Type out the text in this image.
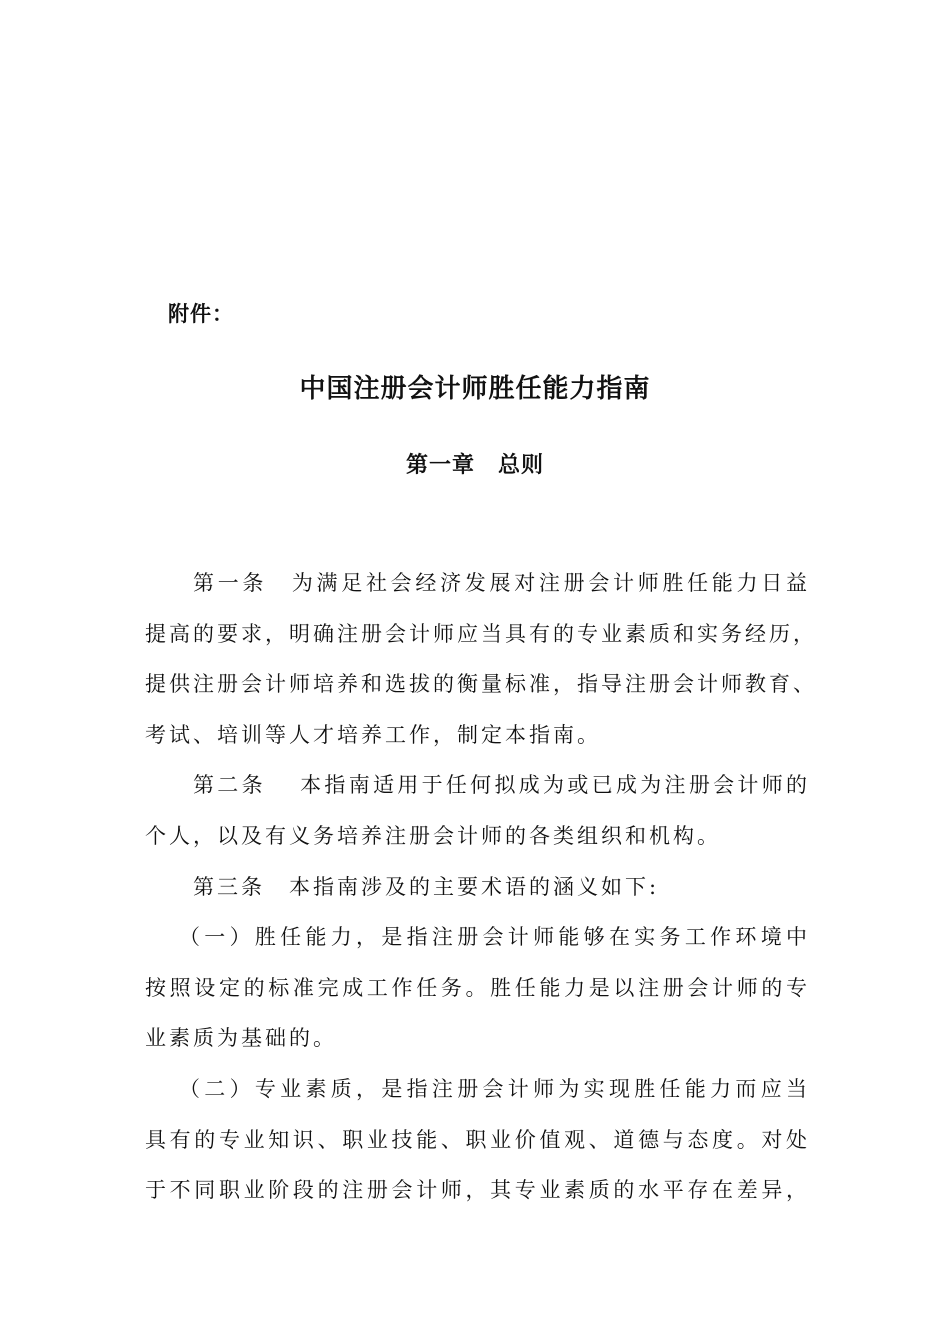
附件：
中国注册会计师胜任能力指南
第一章　总则
第一条　为满足社会经济发展对注册会计师胜任能力日益
提高的要求，明确注册会计师应当具有的专业素质和实务经历，
提供注册会计师培养和选拔的衡量标准，指导注册会计师教育、
考试、培训等人才培养工作，制定本指南。
第二条　 本指南适用于任何拟成为或已成为注册会计师的
个人，以及有义务培养注册会计师的各类组织和机构。
第三条　本指南涉及的主要术语的涵义如下:
（一）胜任能力，是指注册会计师能够在实务工作环境中
按照设定的标准完成工作任务。胜任能力是以注册会计师的专
业素质为基础的。
（二）专业素质，是指注册会计师为实现胜任能力而应当
具有的专业知识、职业技能、职业价值观、道德与态度。对处
于不同职业阶段的注册会计师，其专业素质的水平存在差异，
